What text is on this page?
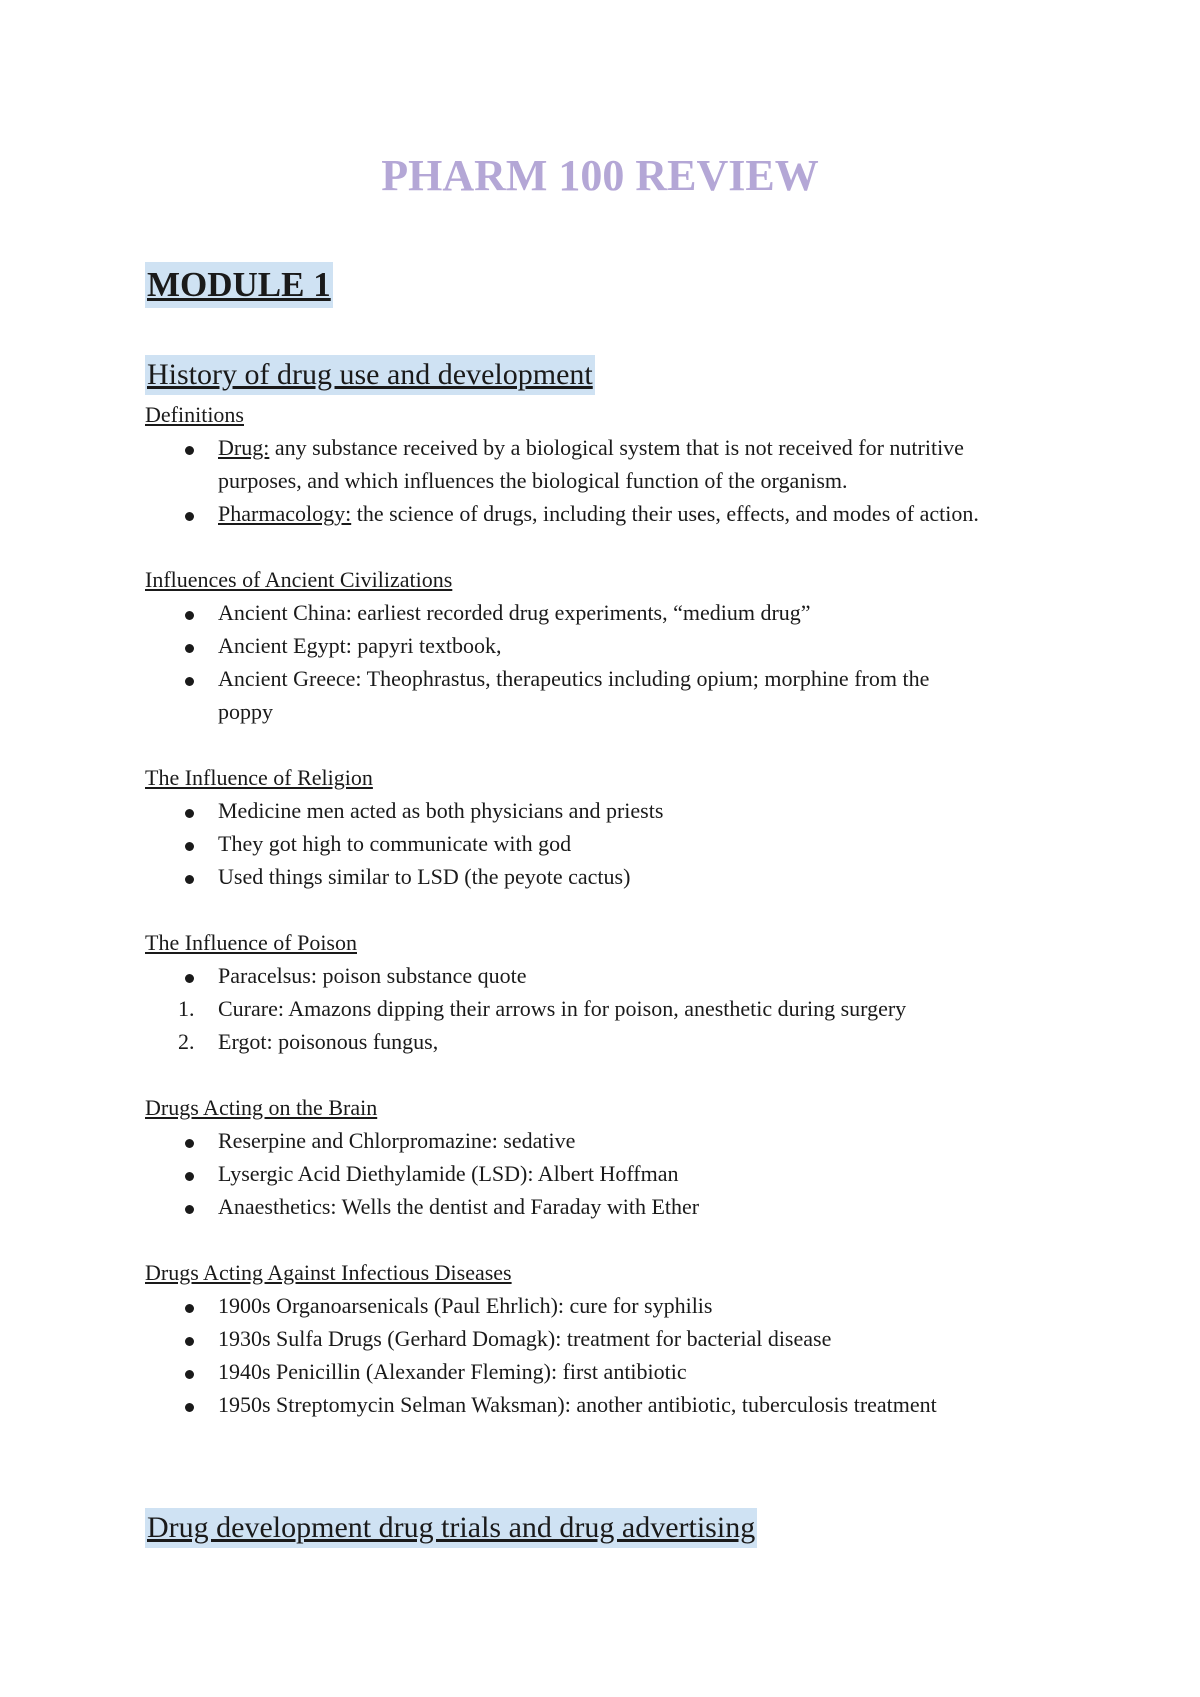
PHARM 100 REVIEW
MODULE 1
History of drug use and development
Definitions
Drug: any substance received by a biological system that is not received for nutritive
purposes, and which influences the biological function of the organism.
Pharmacology: the science of drugs, including their uses, effects, and modes of action.
Influences of Ancient Civilizations
Ancient China: earliest recorded drug experiments, “medium drug”
Ancient Egypt: papyri textbook,
Ancient Greece: Theophrastus, therapeutics including opium; morphine from the
poppy
The Influence of Religion
Medicine men acted as both physicians and priests
They got high to communicate with god
Used things similar to LSD (the peyote cactus)
The Influence of Poison
Paracelsus: poison substance quote
1.	Curare: Amazons dipping their arrows in for poison, anesthetic during surgery
2.	Ergot: poisonous fungus,
Drugs Acting on the Brain
Reserpine and Chlorpromazine: sedative
Lysergic Acid Diethylamide (LSD): Albert Hoffman
Anaesthetics: Wells the dentist and Faraday with Ether
Drugs Acting Against Infectious Diseases
1900s Organoarsenicals (Paul Ehrlich): cure for syphilis
1930s Sulfa Drugs (Gerhard Domagk): treatment for bacterial disease
1940s Penicillin (Alexander Fleming): first antibiotic
1950s Streptomycin Selman Waksman): another antibiotic, tuberculosis treatment
Drug development drug trials and drug advertising
